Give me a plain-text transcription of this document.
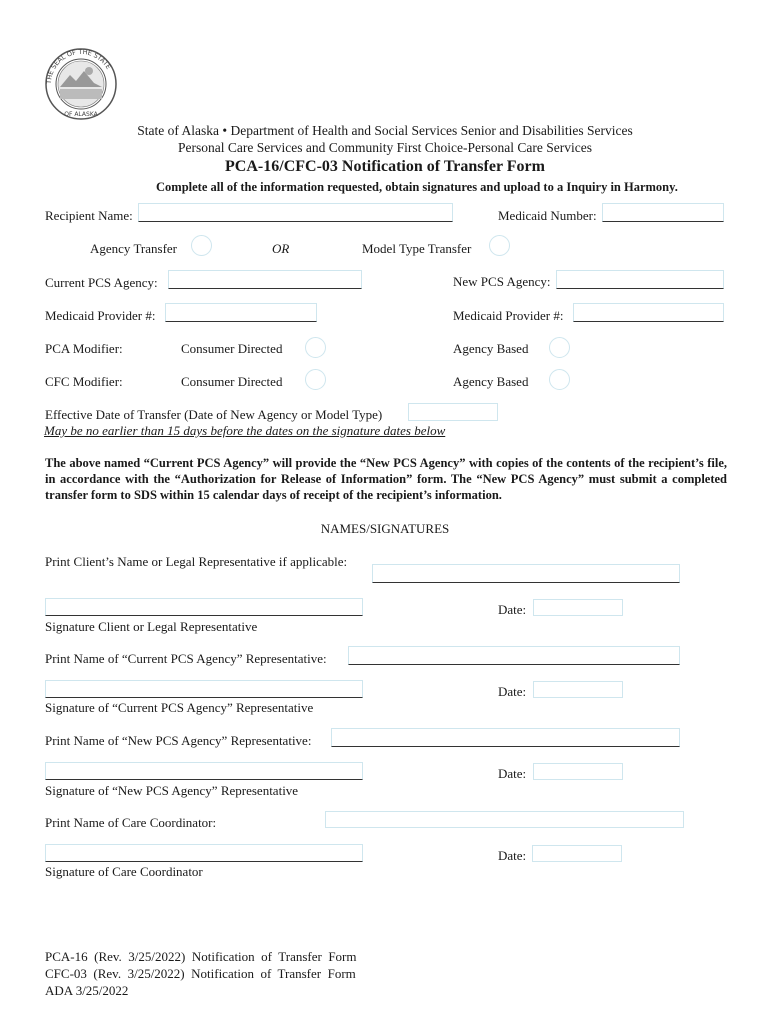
THE SEAL OF THE STATE
OF ALASKA
State of Alaska • Department of Health and Social Services Senior and Disabilities Services
Personal Care Services and Community First Choice-Personal Care Services
PCA-16/CFC-03 Notification of Transfer Form
Complete all of the information requested, obtain signatures and upload to a Inquiry in Harmony.
Recipient Name:	Medicaid Number:
Agency Transfer	OR	Model Type Transfer
Current PCS Agency:	New PCS Agency:
Medicaid Provider #:	Medicaid Provider #:
PCA Modifier:	Consumer Directed	Agency Based
CFC Modifier:	Consumer Directed	Agency Based
Effective Date of Transfer (Date of New Agency or Model Type)
May be no earlier than 15 days before the dates on the signature dates below
The above named “Current PCS Agency” will provide the “New PCS Agency” with copies of the contents of the recipient’s file, in accordance with the “Authorization for Release of Information” form. The “New PCS Agency” must submit a completed transfer form to SDS within 15 calendar days of receipt of the recipient’s information.
NAMES/SIGNATURES
Print Client’s Name or Legal Representative if applicable:
Date:
Signature Client or Legal Representative
Print Name of “Current PCS Agency” Representative:
Date:
Signature of “Current PCS Agency” Representative
Print Name of “New PCS Agency” Representative:
Date:
Signature of “New PCS Agency” Representative
Print Name of Care Coordinator:
Date:
Signature of Care Coordinator
PCA-16  (Rev.  3/25/2022)  Notification  of  Transfer  Form
CFC-03  (Rev.  3/25/2022)  Notification  of  Transfer  Form
ADA 3/25/2022
